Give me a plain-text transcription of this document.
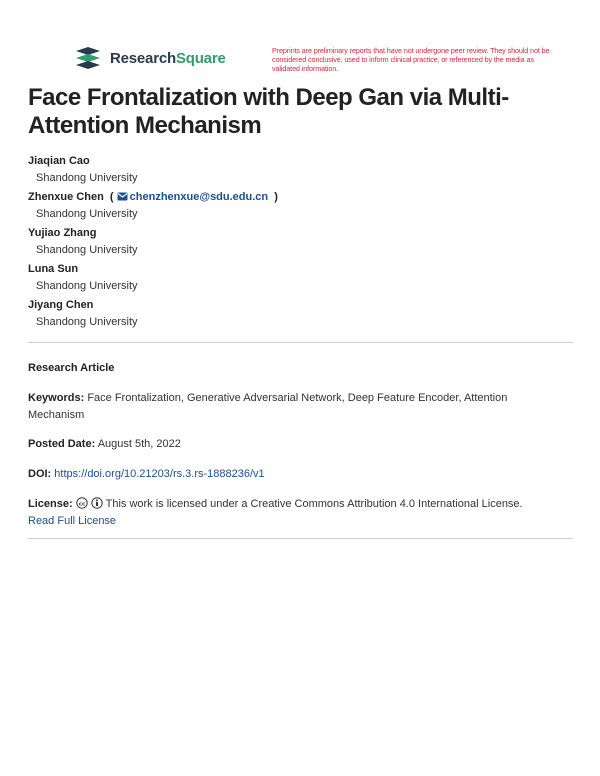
ResearchSquare	Preprints are preliminary reports that have not undergone peer review. They should not be considered conclusive, used to inform clinical practice, or referenced by the media as validated information.
Face Frontalization with Deep Gan via Multi-Attention Mechanism
Jiaqian Cao
Shandong University
Zhenxue Chen  ( chenzhenxue@sdu.edu.cn  )
Shandong University
Yujiao Zhang
Shandong University
Luna Sun
Shandong University
Jiyang Chen
Shandong University
Research Article
Keywords: Face Frontalization, Generative Adversarial Network, Deep Feature Encoder, Attention Mechanism
Posted Date: August 5th, 2022
DOI: https://doi.org/10.21203/rs.3.rs-1888236/v1
License: cc This work is licensed under a Creative Commons Attribution 4.0 International License.
Read Full License
